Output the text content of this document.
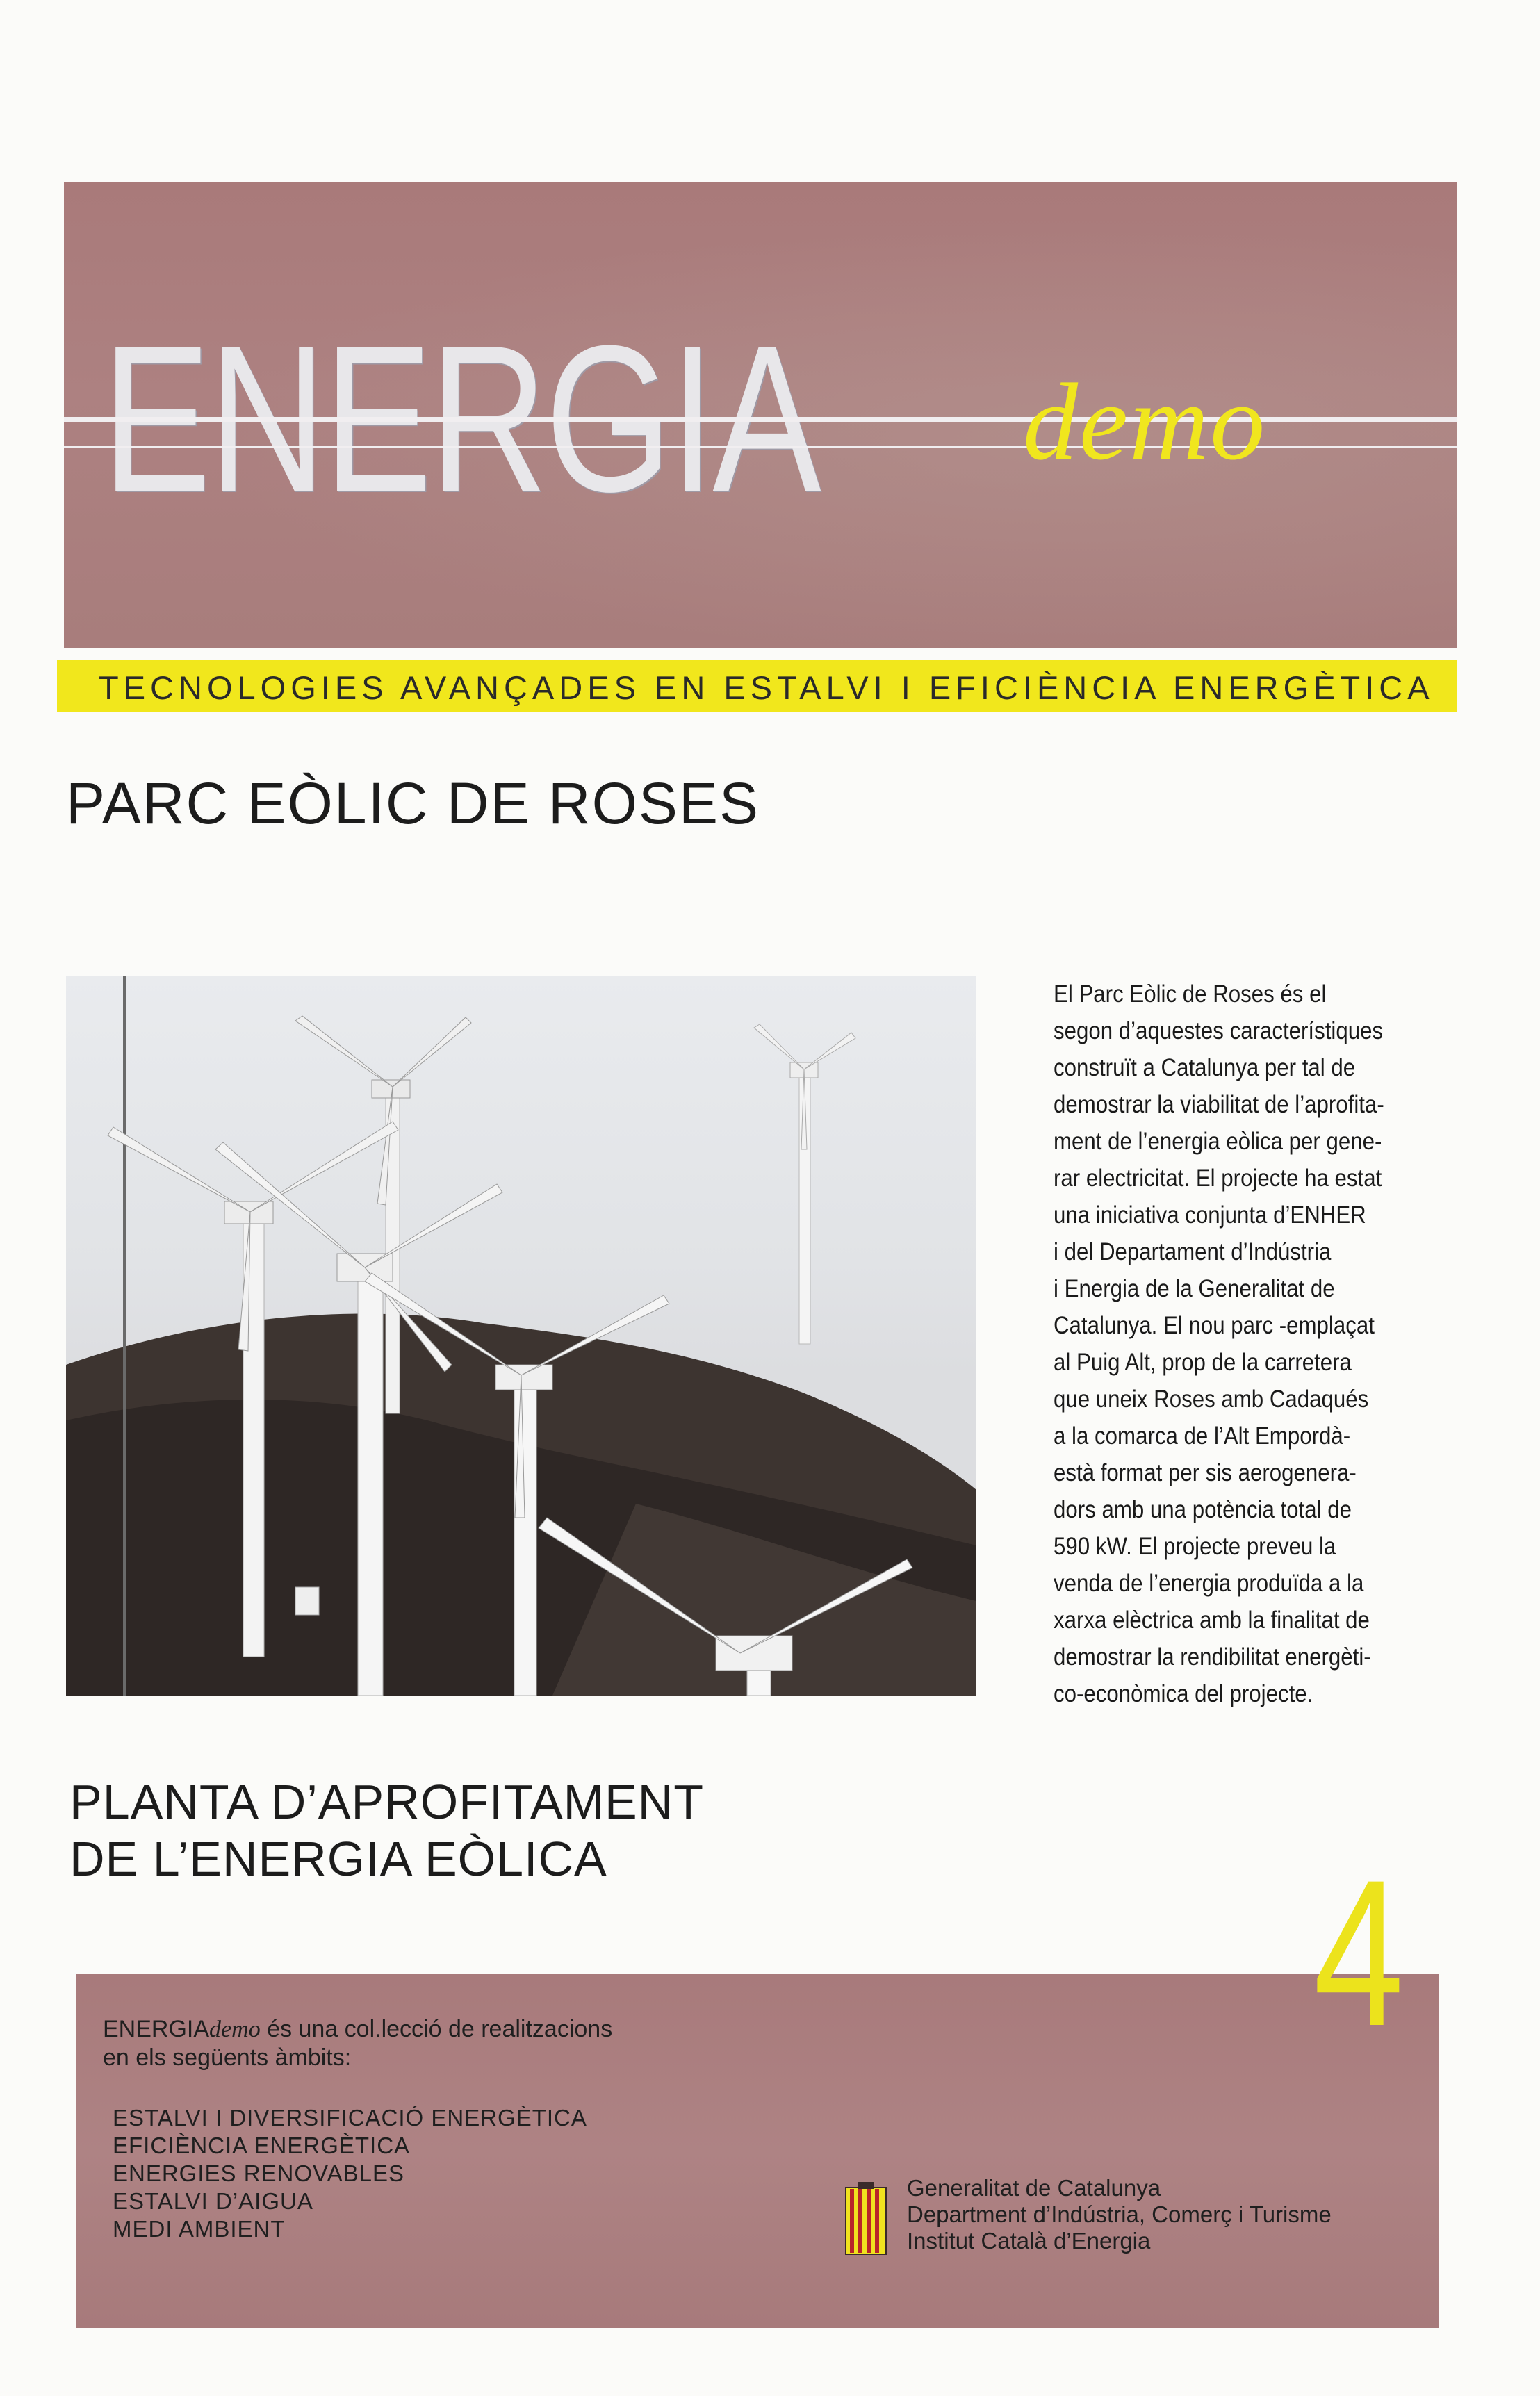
demo
TECNOLOGIES AVANÇADES EN ESTALVI I EFICIÈNCIA ENERGÈTICA
PARC EÒLIC DE ROSES
El Parc Eòlic de Roses és el
segon d’aquestes característiques
construït a Catalunya per tal de
demostrar la viabilitat de l’aprofita-
ment de l’energia eòlica per gene-
rar electricitat. El projecte ha estat
una iniciativa conjunta d’ENHER
i del Departament d’Indústria
i Energia de la Generalitat de
Catalunya. El nou parc -emplaçat
al Puig Alt, prop de la carretera
que uneix Roses amb Cadaqués
a la comarca de l’Alt Empordà-
està format per sis aerogenera-
dors amb una potència total de
590 kW. El projecte preveu la
venda de l’energia produïda a la
xarxa elèctrica amb la finalitat de
demostrar la rendibilitat energèti-
co-econòmica del projecte.
PLANTA D’APROFITAMENT
DE L’ENERGIA EÒLICA
ENERGIAdemo és una col.lecció de realitzacions
en els següents àmbits:
ESTALVI I DIVERSIFICACIÓ ENERGÈTICA
EFICIÈNCIA ENERGÈTICA
ENERGIES RENOVABLES
ESTALVI D’AIGUA
MEDI AMBIENT
Generalitat de Catalunya
Department d’Indústria, Comerç i Turisme
Institut Català d’Energia
4
